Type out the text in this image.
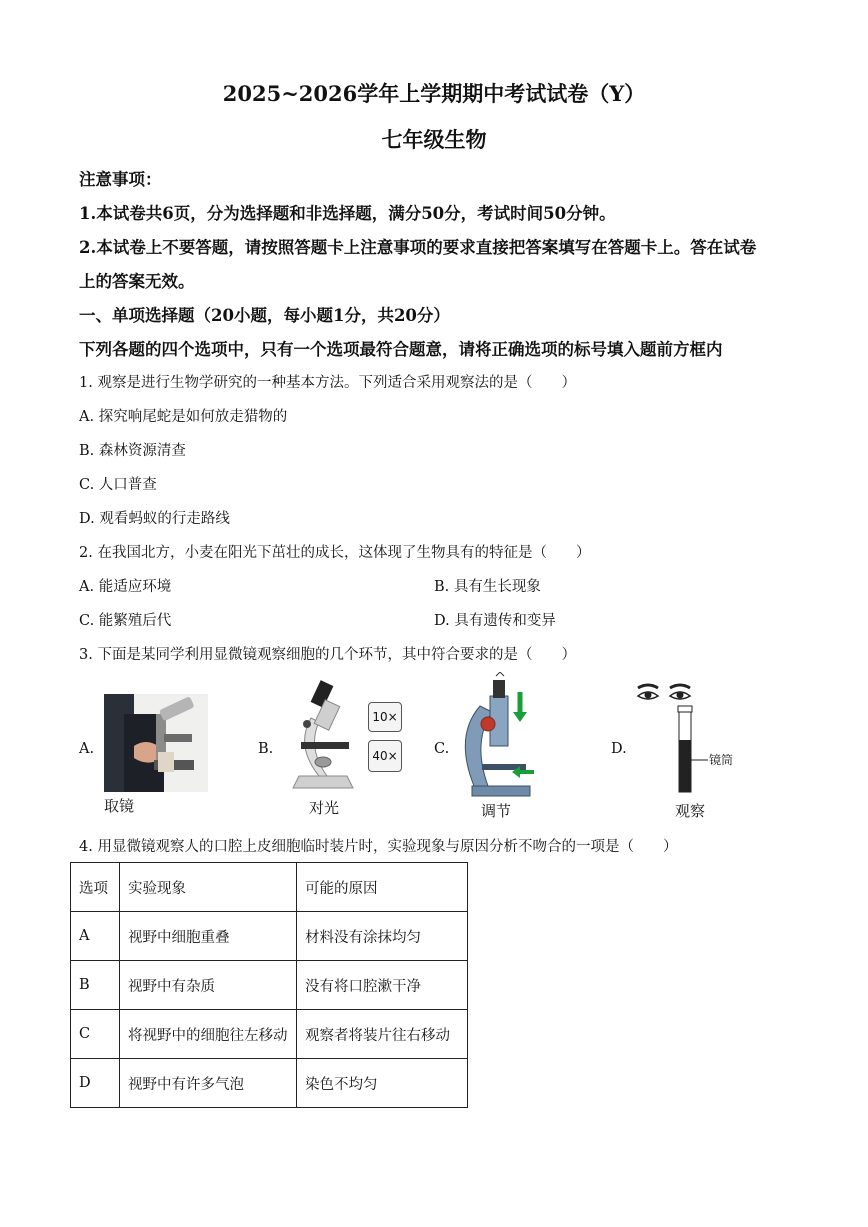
2025~2026学年上学期期中考试试卷（Y）
七年级生物
注意事项：
1.本试卷共6页，分为选择题和非选择题，满分50分，考试时间50分钟。
2.本试卷上不要答题，请按照答题卡上注意事项的要求直接把答案填写在答题卡上。答在试卷
上的答案无效。
一、单项选择题（20小题，每小题1分，共20分）
下列各题的四个选项中，只有一个选项最符合题意，请将正确选项的标号填入题前方框内
1. 观察是进行生物学研究的一种基本方法。下列适合采用观察法的是（　　）
A. 探究响尾蛇是如何放走猎物的
B. 森林资源清查
C. 人口普查
D. 观看蚂蚁的行走路线
2. 在我国北方，小麦在阳光下茁壮的成长，这体现了生物具有的特征是（　　）
A. 能适应环境	B. 具有生长现象
C. 能繁殖后代	D. 具有遗传和变异
3. 下面是某同学利用显微镜观察细胞的几个环节，其中符合要求的是（　　）
A.
取镜
B.
10×
40×
对光
C.
调节
D.
镜筒
观察
4. 用显微镜观察人的口腔上皮细胞临时装片时，实验现象与原因分析不吻合的一项是（　　）
选项	实验现象	可能的原因
A	视野中细胞重叠	材料没有涂抹均匀
B	视野中有杂质	没有将口腔漱干净
C	将视野中的细胞往左移动	观察者将装片往右移动
D	视野中有许多气泡	染色不均匀
